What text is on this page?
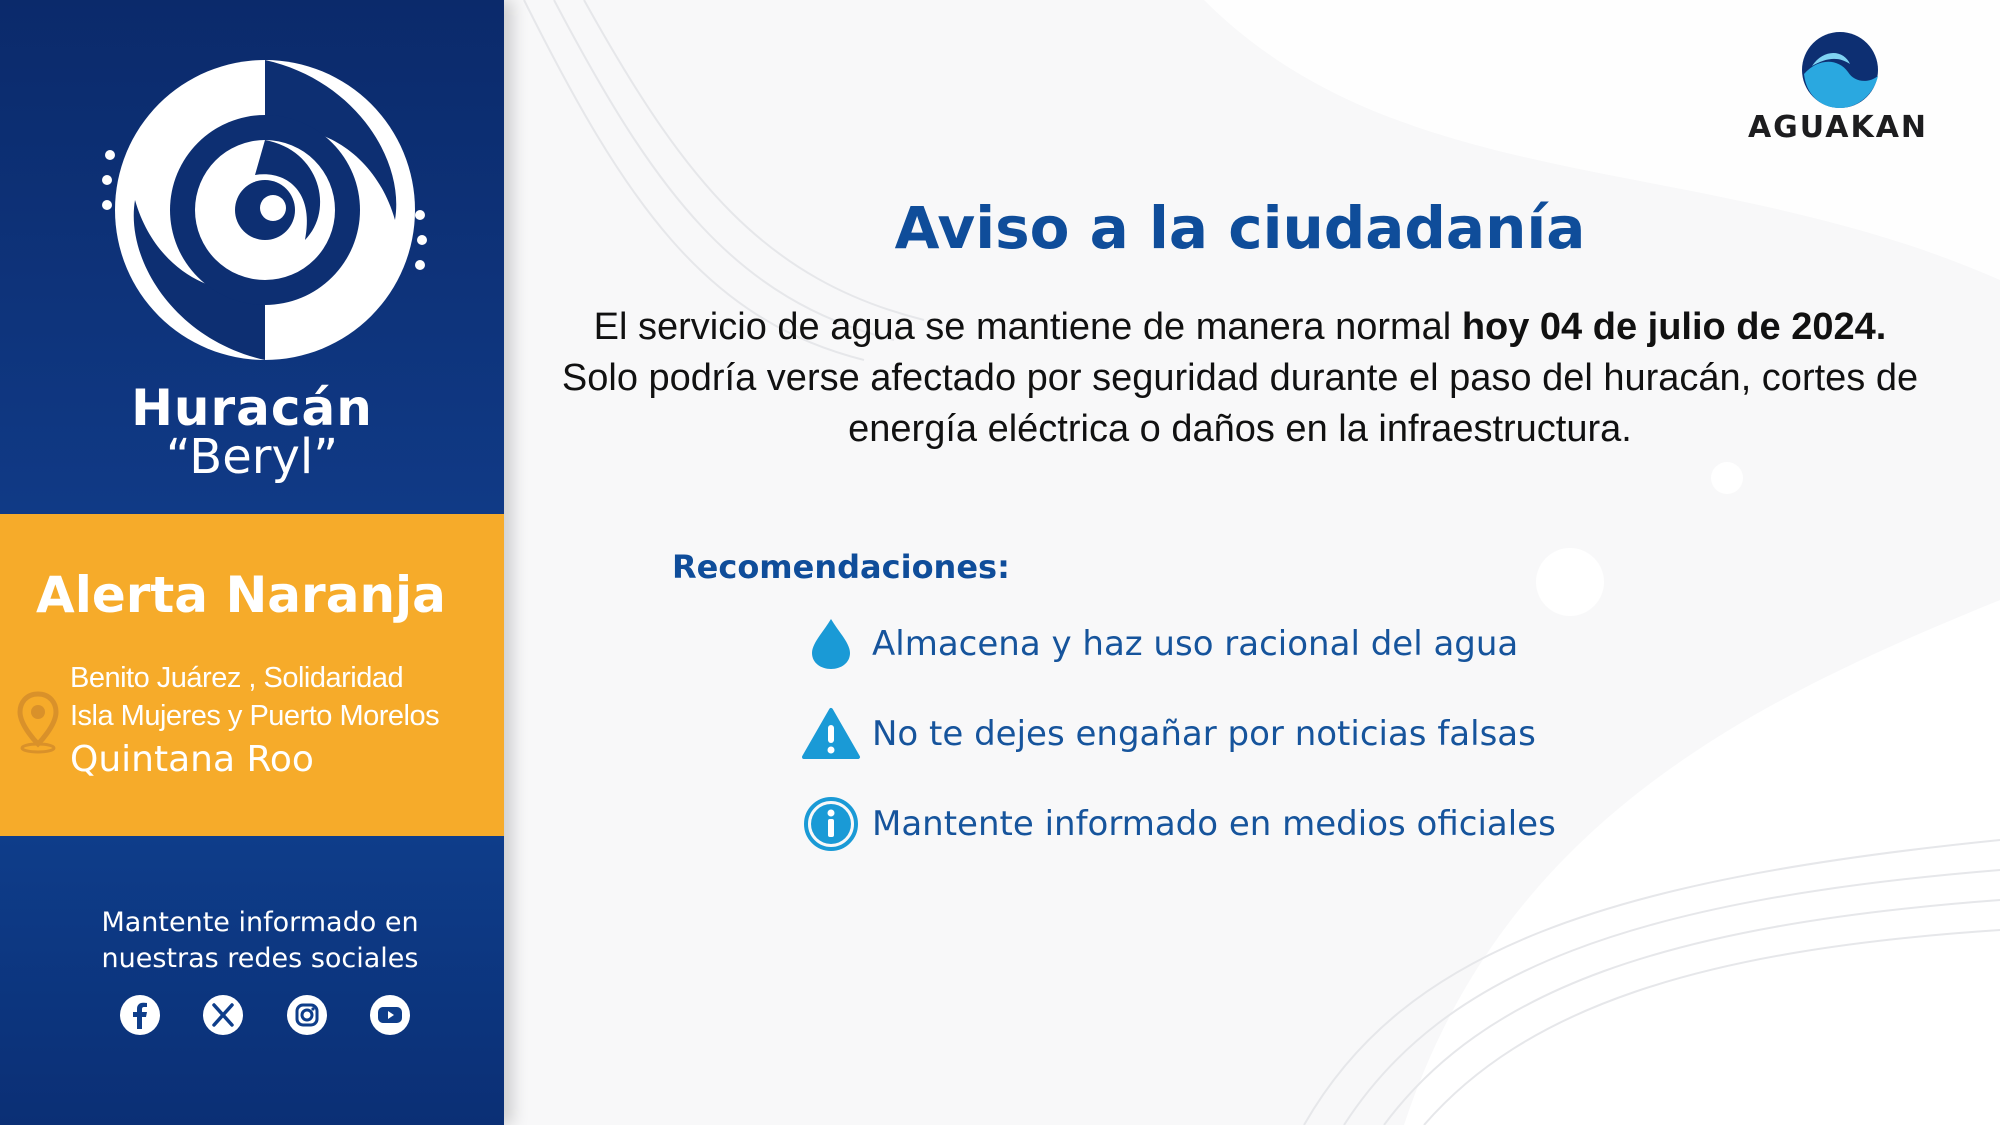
Huracán
“Beryl”
Alerta Naranja
Benito Juárez , Solidaridad
Isla Mujeres y Puerto Morelos
Quintana Roo
Mantente informado en
nuestras redes sociales
AGUAKAN
Aviso a la ciudadanía
El servicio de agua se mantiene de manera normal hoy 04 de julio de 2024. Solo podría verse afectado por seguridad durante el paso del huracán, cortes de energía eléctrica o daños en la infraestructura.
Recomendaciones:
Almacena y haz uso racional del agua
No te dejes engañar por noticias falsas
Mantente informado en medios oficiales
